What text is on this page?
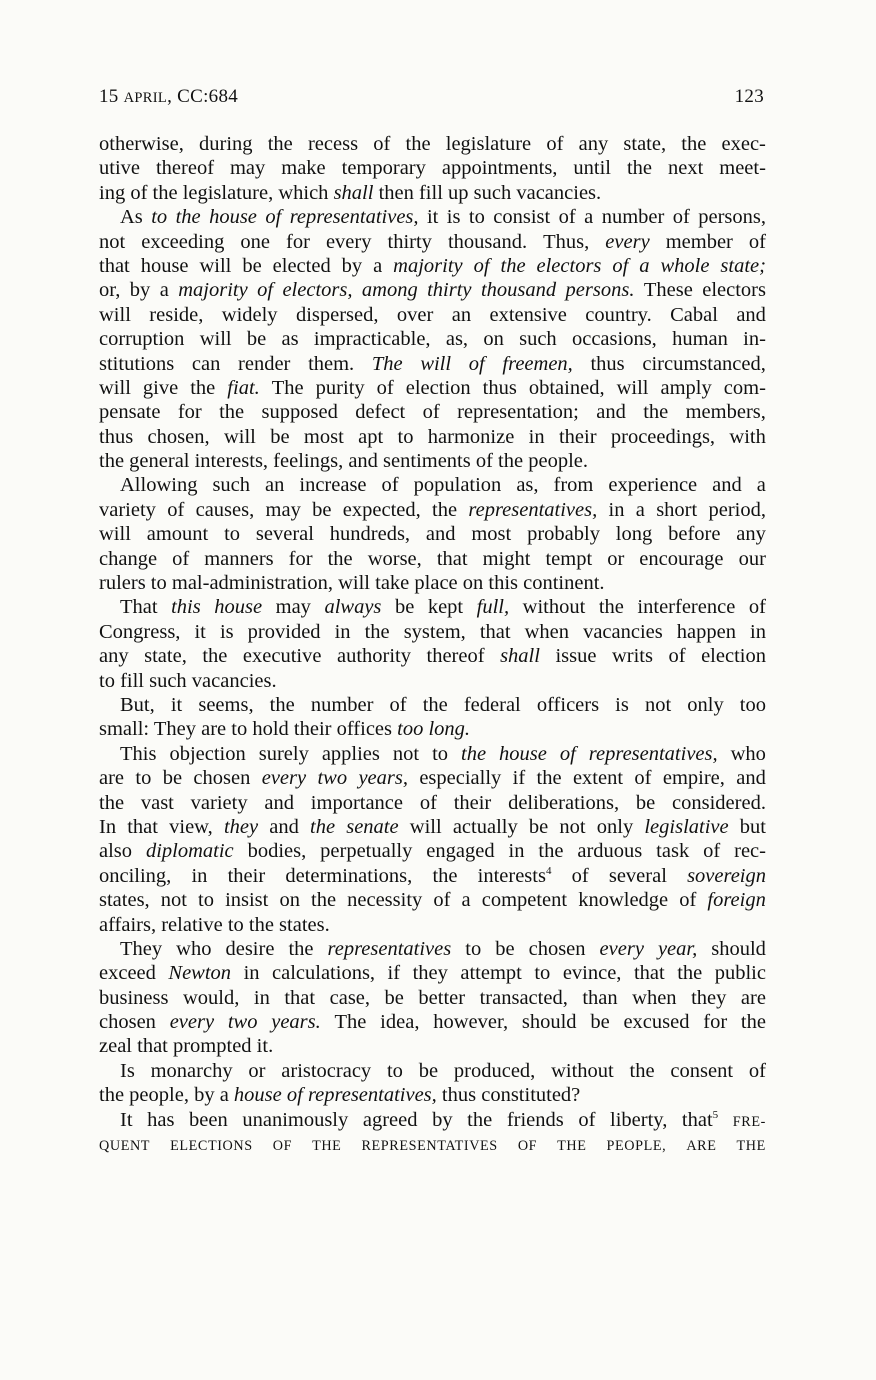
15 APRIL, CC:684	123
otherwise, during the recess of the legislature of any state, the exec-
utive thereof may make temporary appointments, until the next meet-
ing of the legislature, which shall then fill up such vacancies.
As to the house of representatives, it is to consist of a number of persons,
not exceeding one for every thirty thousand. Thus, every member of
that house will be elected by a majority of the electors of a whole state;
or, by a majority of electors, among thirty thousand persons. These electors
will reside, widely dispersed, over an extensive country. Cabal and
corruption will be as impracticable, as, on such occasions, human in-
stitutions can render them. The will of freemen, thus circumstanced,
will give the fiat. The purity of election thus obtained, will amply com-
pensate for the supposed defect of representation; and the members,
thus chosen, will be most apt to harmonize in their proceedings, with
the general interests, feelings, and sentiments of the people.
Allowing such an increase of population as, from experience and a
variety of causes, may be expected, the representatives, in a short period,
will amount to several hundreds, and most probably long before any
change of manners for the worse, that might tempt or encourage our
rulers to mal-administration, will take place on this continent.
That this house may always be kept full, without the interference of
Congress, it is provided in the system, that when vacancies happen in
any state, the executive authority thereof shall issue writs of election
to fill such vacancies.
But, it seems, the number of the federal officers is not only too
small: They are to hold their offices too long.
This objection surely applies not to the house of representatives, who
are to be chosen every two years, especially if the extent of empire, and
the vast variety and importance of their deliberations, be considered.
In that view, they and the senate will actually be not only legislative but
also diplomatic bodies, perpetually engaged in the arduous task of rec-
onciling, in their determinations, the interests$^4$ of several sovereign
states, not to insist on the necessity of a competent knowledge of foreign
affairs, relative to the states.
They who desire the representatives to be chosen every year, should
exceed Newton in calculations, if they attempt to evince, that the public
business would, in that case, be better transacted, than when they are
chosen every two years. The idea, however, should be excused for the
zeal that prompted it.
Is monarchy or aristocracy to be produced, without the consent of
the people, by a house of representatives, thus constituted?
It has been unanimously agreed by the friends of liberty, that$^5$ FRE-
QUENT ELECTIONS OF THE REPRESENTATIVES OF THE PEOPLE, ARE THE
